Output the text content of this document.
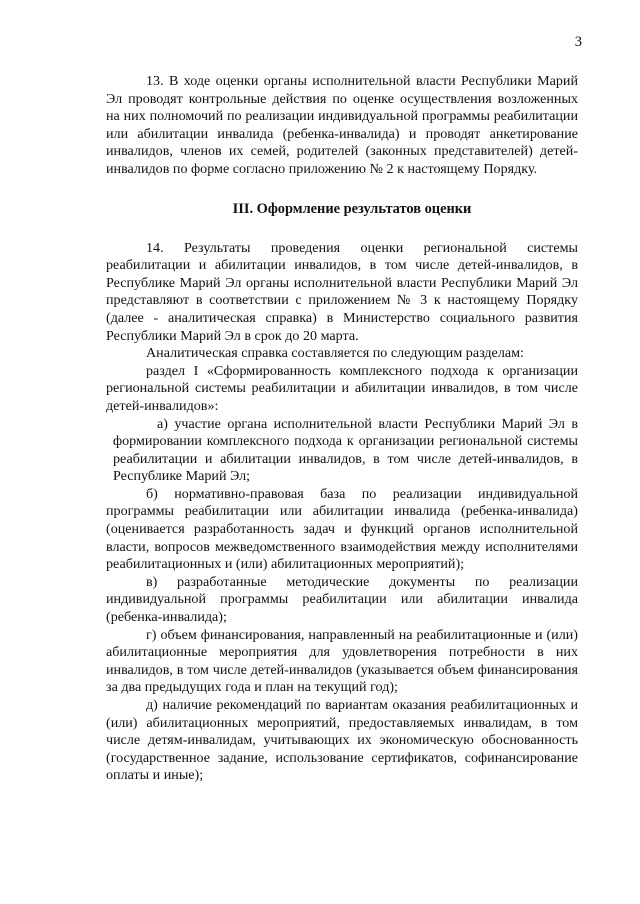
3

13. В ходе оценки органы исполнительной власти Республики Марий Эл проводят контрольные действия по оценке осуществления возложенных на них полномочий по реализации индивидуальной программы реабилитации или абилитации инвалида (ребенка-инвалида) и проводят анкетирование инвалидов, членов их семей, родителей (законных представителей) детей-инвалидов по форме согласно приложению № 2 к настоящему Порядку.

III. Оформление результатов оценки

14. Результаты проведения оценки региональной системы реабилитации и абилитации инвалидов, в том числе детей-инвалидов, в Республике Марий Эл органы исполнительной власти Республики Марий Эл представляют в соответствии с приложением № 3 к настоящему Порядку (далее - аналитическая справка) в Министерство социального развития Республики Марий Эл в срок до 20 марта.

Аналитическая справка составляется по следующим разделам:

раздел I «Сформированность комплексного подхода к организации региональной системы реабилитации и абилитации инвалидов, в том числе детей-инвалидов»:

а) участие органа исполнительной власти Республики Марий Эл в формировании комплексного подхода к организации региональной системы реабилитации и абилитации инвалидов, в том числе детей-инвалидов, в Республике Марий Эл;

б) нормативно-правовая база по реализации индивидуальной программы реабилитации или абилитации инвалида (ребенка-инвалида) (оценивается разработанность задач и функций органов исполнительной власти, вопросов межведомственного взаимодействия между исполнителями реабилитационных и (или) абилитационных мероприятий);

в) разработанные методические документы по реализации индивидуальной программы реабилитации или абилитации инвалида (ребенка-инвалида);

г) объем финансирования, направленный на реабилитационные и (или) абилитационные мероприятия для удовлетворения потребности в них инвалидов, в том числе детей-инвалидов (указывается объем финансирования за два предыдущих года и план на текущий год);

д) наличие рекомендаций по вариантам оказания реабилитационных и (или) абилитационных мероприятий, предоставляемых инвалидам, в том числе детям-инвалидам, учитывающих их экономическую обоснованность (государственное задание, использование сертификатов, софинансирование оплаты и иные);
